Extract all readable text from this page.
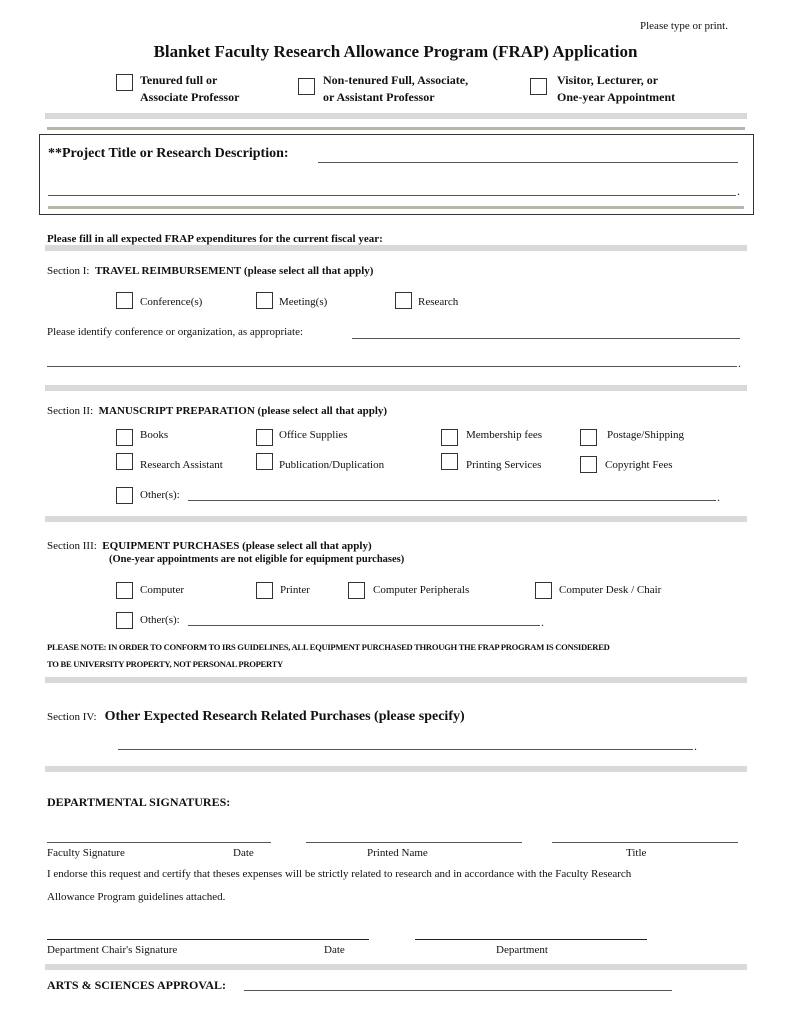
Please type or print.
Blanket Faculty Research Allowance Program (FRAP) Application
Tenured full or
Associate Professor
Non-tenured Full, Associate,
or Assistant Professor
Visitor, Lecturer, or
One-year Appointment
**Project Title or Research Description:
.
Please fill in all expected FRAP expenditures for the current fiscal year:
Section I: TRAVEL REIMBURSEMENT (please select all that apply)
Conference(s)	Meeting(s)	Research
Please identify conference or organization, as appropriate:
.
Section II: MANUSCRIPT PREPARATION (please select all that apply)
Books	Office Supplies	Membership fees	Postage/Shipping
Research Assistant	Publication/Duplication	Printing Services	Copyright Fees
Other(s):	.
Section III: EQUIPMENT PURCHASES (please select all that apply)
(One-year appointments are not eligible for equipment purchases)
Computer	Printer	Computer Peripherals	Computer Desk / Chair
Other(s):	.
PLEASE NOTE: IN ORDER TO CONFORM TO IRS GUIDELINES, ALL EQUIPMENT PURCHASED THROUGH THE FRAP PROGRAM IS CONSIDERED
TO BE UNIVERSITY PROPERTY, NOT PERSONAL PROPERTY
Section IV: Other Expected Research Related Purchases (please specify)
.
DEPARTMENTAL SIGNATURES:
Faculty Signature	Date	Printed Name	Title
I endorse this request and certify that theses expenses will be strictly related to research and in accordance with the Faculty Research
Allowance Program guidelines attached.
Department Chair's Signature	Date	Department
ARTS & SCIENCES APPROVAL:
